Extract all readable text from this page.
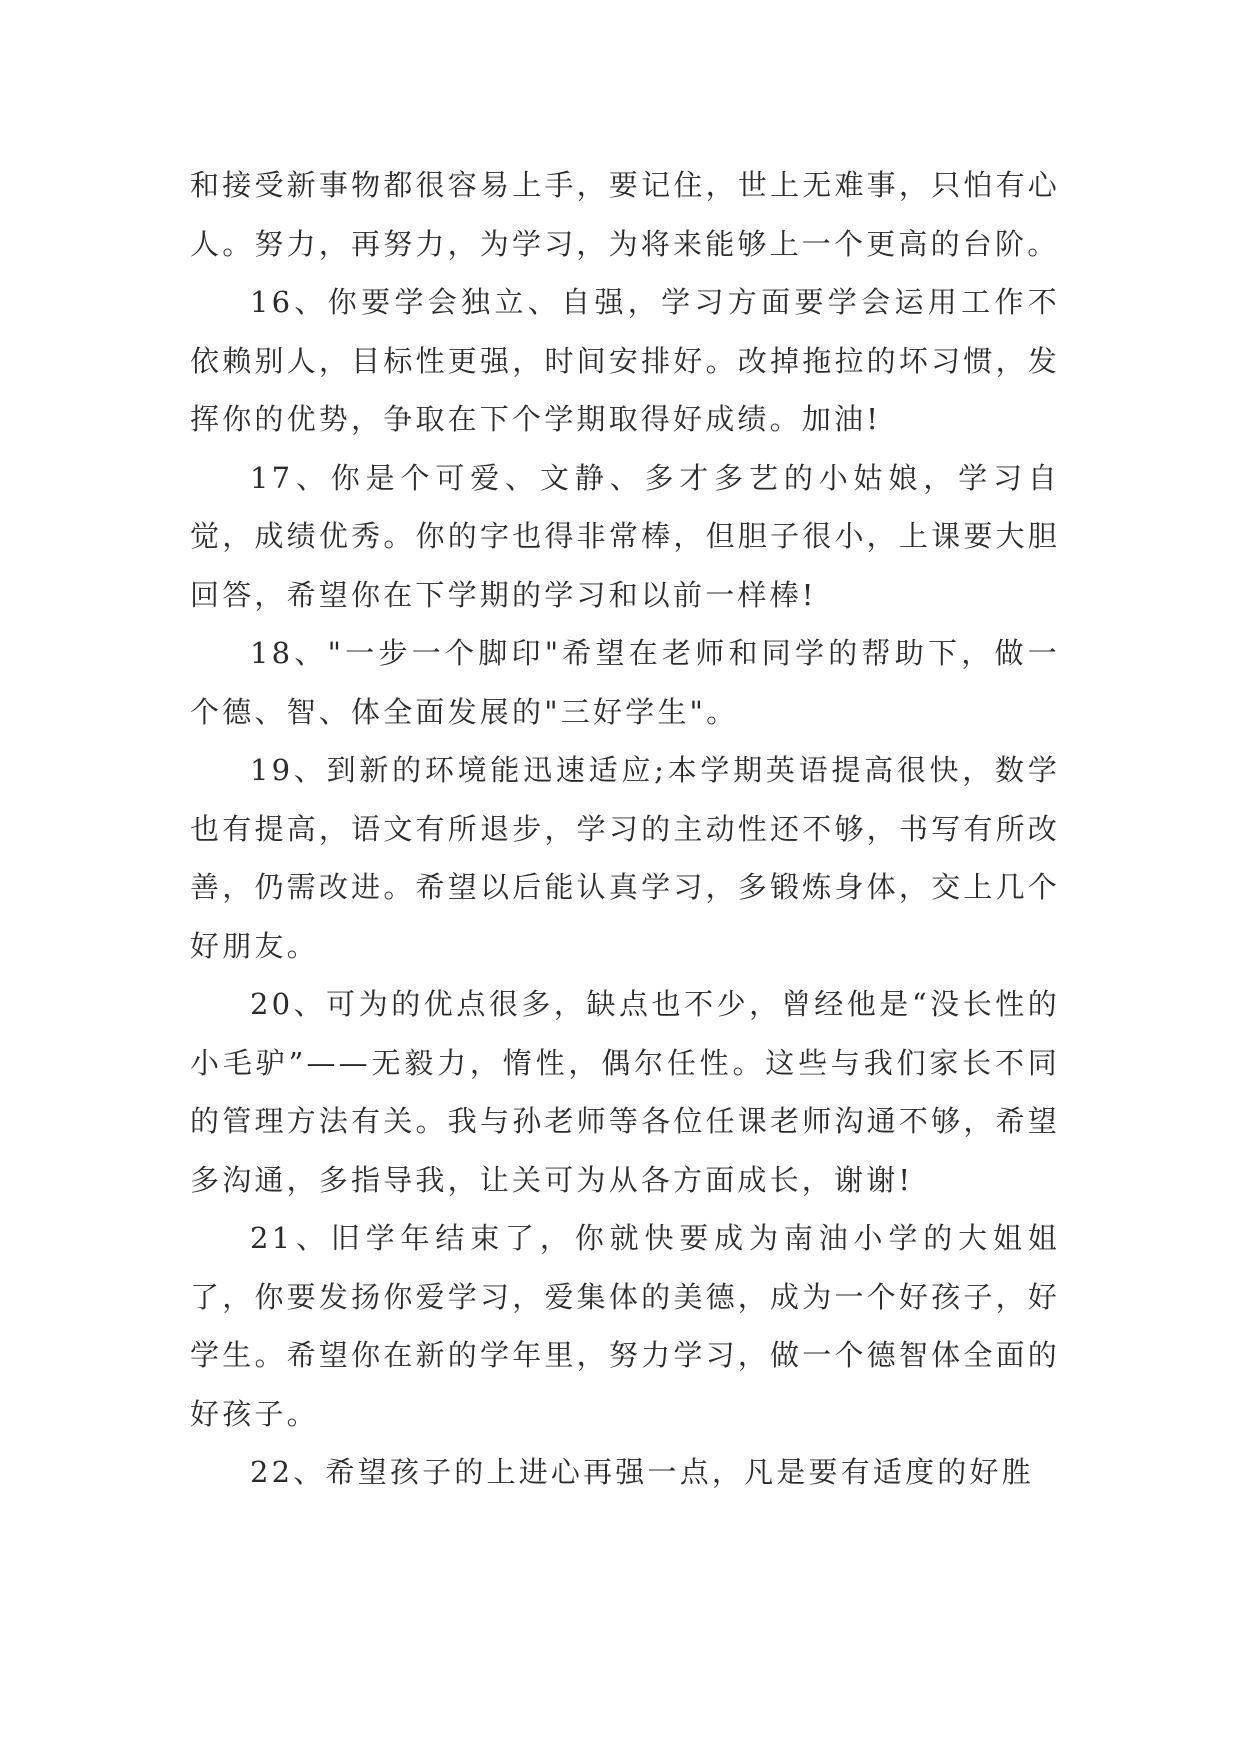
和接受新事物都很容易上手，要记住，世上无难事，只怕有心人。努力，再努力，为学习，为将来能够上一个更高的台阶。

16、你要学会独立、自强，学习方面要学会运用工作不依赖别人，目标性更强，时间安排好。改掉拖拉的坏习惯，发挥你的优势，争取在下个学期取得好成绩。加油!

17、你是个可爱、文静、多才多艺的小姑娘，学习自觉，成绩优秀。你的字也得非常棒，但胆子很小，上课要大胆回答，希望你在下学期的学习和以前一样棒!

18、"一步一个脚印"希望在老师和同学的帮助下，做一个德、智、体全面发展的"三好学生"。

19、到新的环境能迅速适应;本学期英语提高很快，数学也有提高，语文有所退步，学习的主动性还不够，书写有所改善，仍需改进。希望以后能认真学习，多锻炼身体，交上几个好朋友。

20、可为的优点很多，缺点也不少，曾经他是“没长性的小毛驴”——无毅力，惰性，偶尔任性。这些与我们家长不同的管理方法有关。我与孙老师等各位任课老师沟通不够，希望多沟通，多指导我，让关可为从各方面成长，谢谢!

21、旧学年结束了，你就快要成为南油小学的大姐姐了，你要发扬你爱学习，爱集体的美德，成为一个好孩子，好学生。希望你在新的学年里，努力学习，做一个德智体全面的好孩子。

22、希望孩子的上进心再强一点，凡是要有适度的好胜
